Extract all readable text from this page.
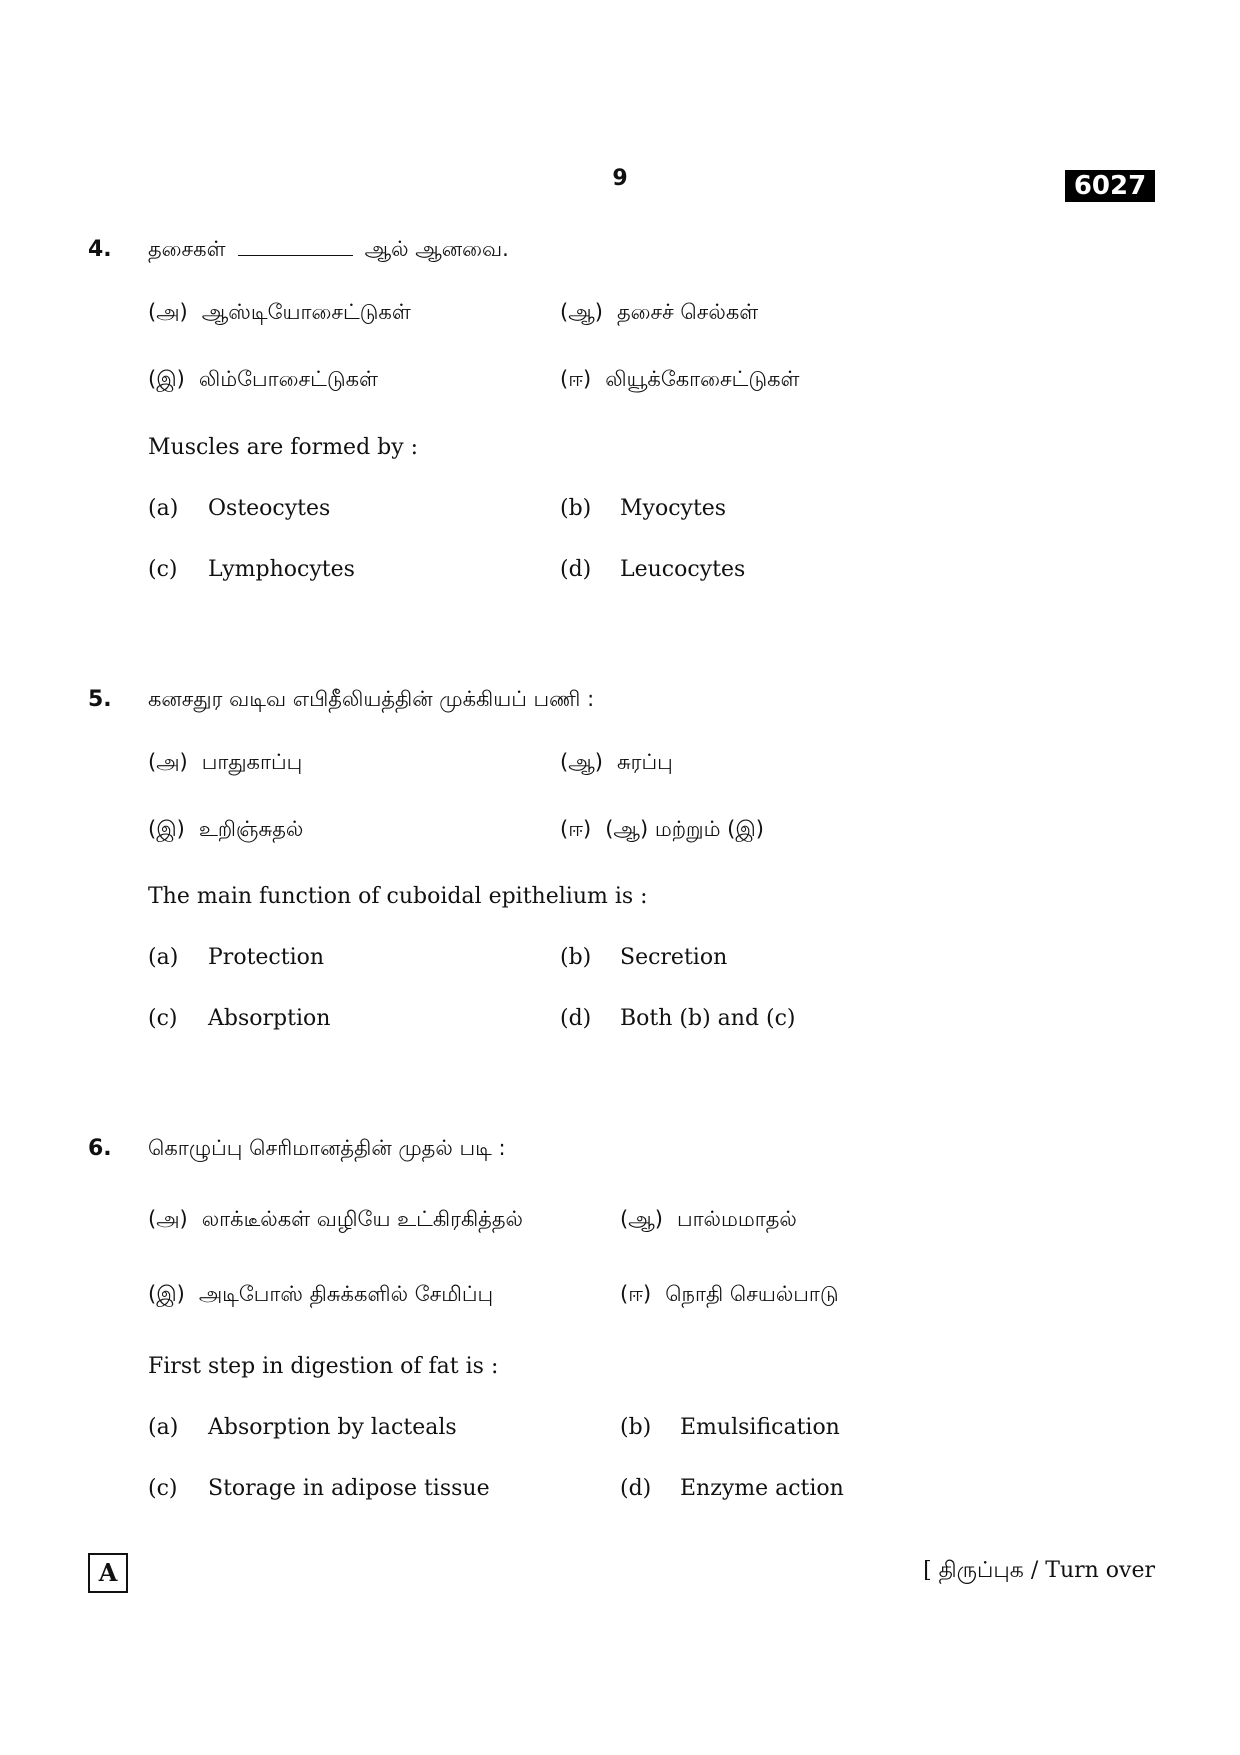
9	6027
4. தசைகள்	ஆல் ஆனவை.
(அ) ஆஸ்டியோசைட்டுகள்	(ஆ) தசைச் செல்கள்
(இ) லிம்போசைட்டுகள்	(ஈ) லியூக்கோசைட்டுகள்
Muscles are formed by :
(a) Osteocytes	(b) Myocytes
(c) Lymphocytes	(d) Leucocytes
5. கனசதுர வடிவ எபிதீலியத்தின் முக்கியப் பணி :
(அ) பாதுகாப்பு	(ஆ) சுரப்பு
(இ) உறிஞ்சுதல்	(ஈ) (ஆ) மற்றும் (இ)
The main function of cuboidal epithelium is :
(a) Protection	(b) Secretion
(c) Absorption	(d) Both (b) and (c)
6. கொழுப்பு செரிமானத்தின் முதல் படி :
(அ) லாக்டீல்கள் வழியே உட்கிரகித்தல்	(ஆ) பால்மமாதல்
(இ) அடிபோஸ் திசுக்களில் சேமிப்பு	(ஈ) நொதி செயல்பாடு
First step in digestion of fat is :
(a) Absorption by lacteals	(b) Emulsification
(c) Storage in adipose tissue	(d) Enzyme action
A	[ திருப்புக / Turn over
